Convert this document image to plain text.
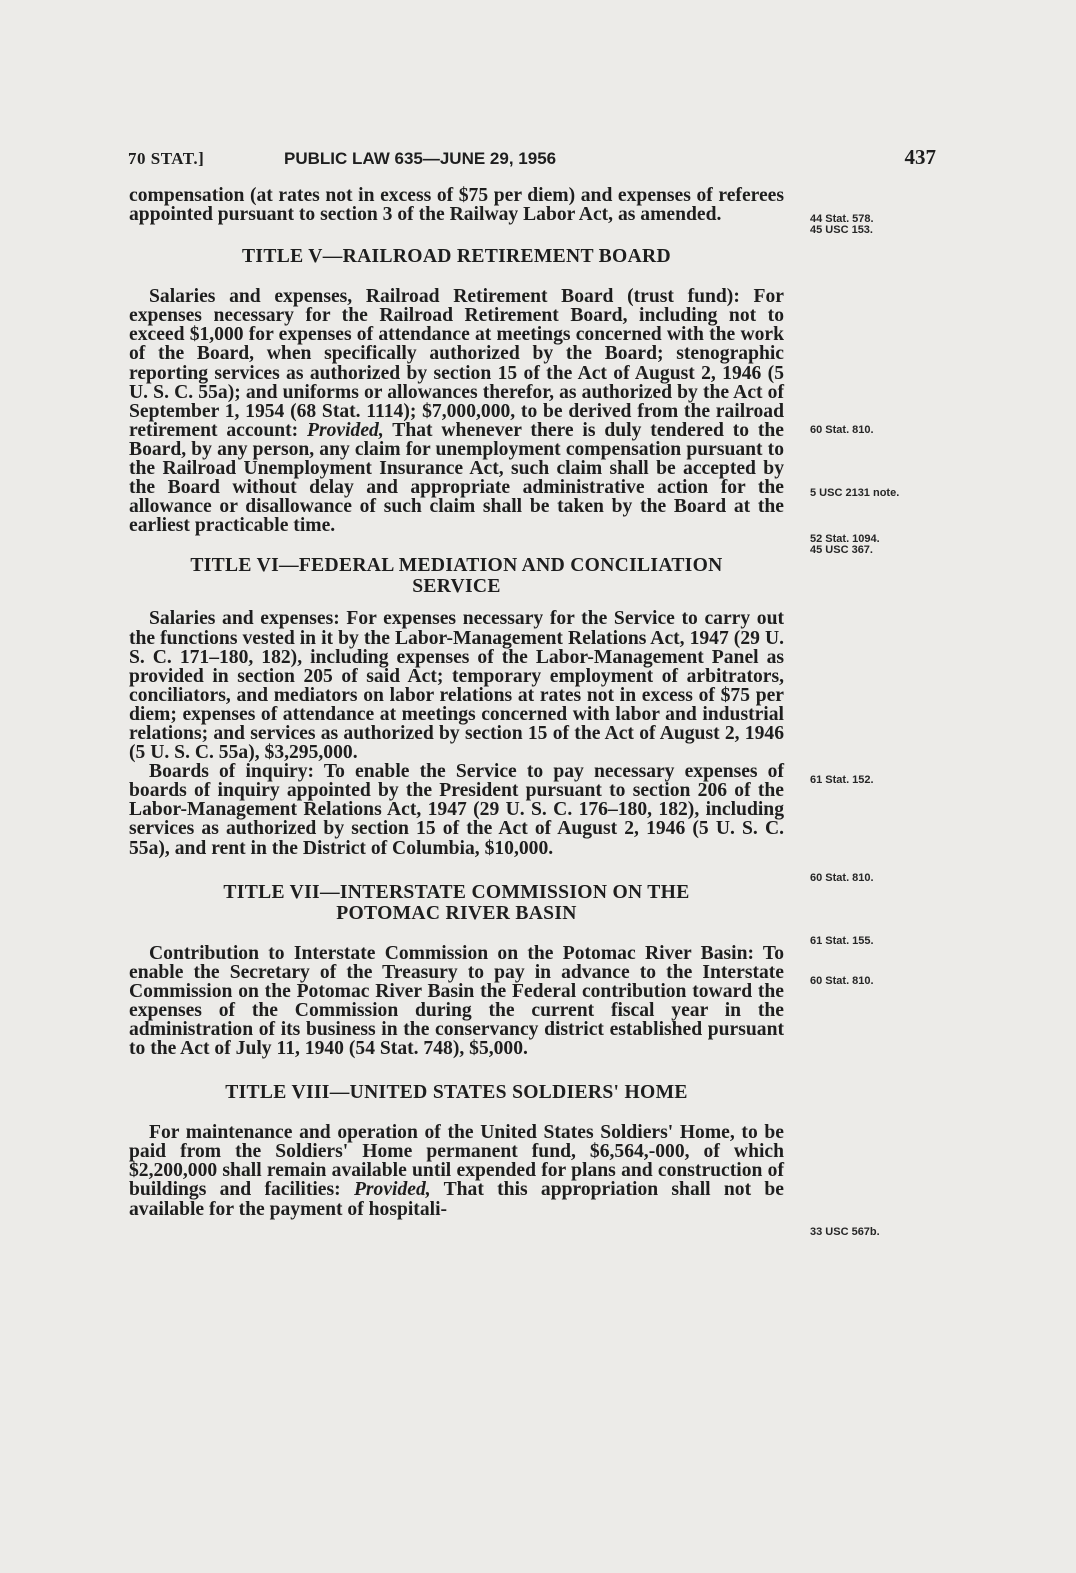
70 STAT.]	PUBLIC LAW 635—JUNE 29, 1956	437

compensation (at rates not in excess of $75 per diem) and expenses of referees appointed pursuant to section 3 of the Railway Labor Act, as amended.

TITLE V—RAILROAD RETIREMENT BOARD

Salaries and expenses, Railroad Retirement Board (trust fund): For expenses necessary for the Railroad Retirement Board, including not to exceed $1,000 for expenses of attendance at meetings concerned with the work of the Board, when specifically authorized by the Board; stenographic reporting services as authorized by section 15 of the Act of August 2, 1946 (5 U. S. C. 55a); and uniforms or allowances therefor, as authorized by the Act of September 1, 1954 (68 Stat. 1114); $7,000,000, to be derived from the railroad retirement account: Provided, That whenever there is duly tendered to the Board, by any person, any claim for unemployment compensation pursuant to the Railroad Unemployment Insurance Act, such claim shall be accepted by the Board without delay and appropriate administrative action for the allowance or disallowance of such claim shall be taken by the Board at the earliest practicable time.

TITLE VI—FEDERAL MEDIATION AND CONCILIATION
SERVICE

Salaries and expenses: For expenses necessary for the Service to carry out the functions vested in it by the Labor-Management Relations Act, 1947 (29 U. S. C. 171–180, 182), including expenses of the Labor-Management Panel as provided in section 205 of said Act; temporary employment of arbitrators, conciliators, and mediators on labor relations at rates not in excess of $75 per diem; expenses of attendance at meetings concerned with labor and industrial relations; and services as authorized by section 15 of the Act of August 2, 1946 (5 U. S. C. 55a), $3,295,000.

Boards of inquiry: To enable the Service to pay necessary expenses of boards of inquiry appointed by the President pursuant to section 206 of the Labor-Management Relations Act, 1947 (29 U. S. C. 176–180, 182), including services as authorized by section 15 of the Act of August 2, 1946 (5 U. S. C. 55a), and rent in the District of Columbia, $10,000.

TITLE VII—INTERSTATE COMMISSION ON THE
POTOMAC RIVER BASIN

Contribution to Interstate Commission on the Potomac River Basin: To enable the Secretary of the Treasury to pay in advance to the Interstate Commission on the Potomac River Basin the Federal contribution toward the expenses of the Commission during the current fiscal year in the administration of its business in the conservancy district established pursuant to the Act of July 11, 1940 (54 Stat. 748), $5,000.

TITLE VIII—UNITED STATES SOLDIERS' HOME

For maintenance and operation of the United States Soldiers' Home, to be paid from the Soldiers' Home permanent fund, $6,564,-000, of which $2,200,000 shall remain available until expended for plans and construction of buildings and facilities: Provided, That this appropriation shall not be available for the payment of hospitali-

44 Stat. 578.
45 USC 153.
60 Stat. 810.
5 USC 2131 note.
52 Stat. 1094.
45 USC 367.
61 Stat. 152.
60 Stat. 810.
61 Stat. 155.
60 Stat. 810.
33 USC 567b.
